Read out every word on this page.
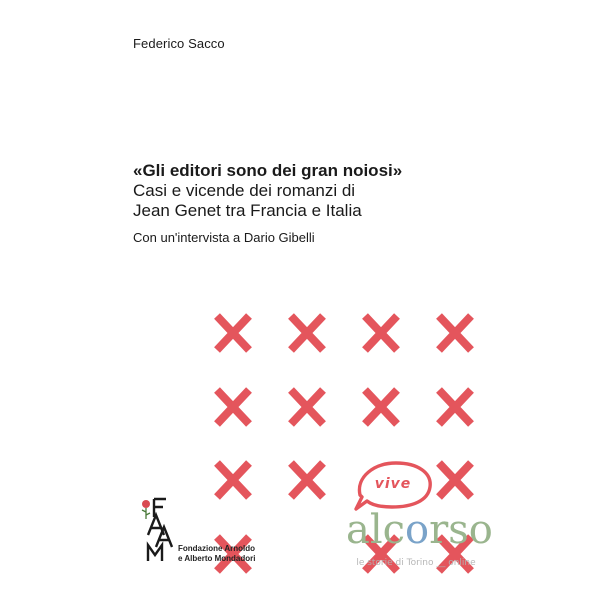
Federico Sacco
«Gli editori sono dei gran noiosi»
Casi e vicende dei romanzi di
Jean Genet tra Francia e Italia
Con un'intervista a Dario Gibelli
vive
Fondazione Arnoldo
e Alberto Mondadori
alcorso
le storie di Torino __ online
